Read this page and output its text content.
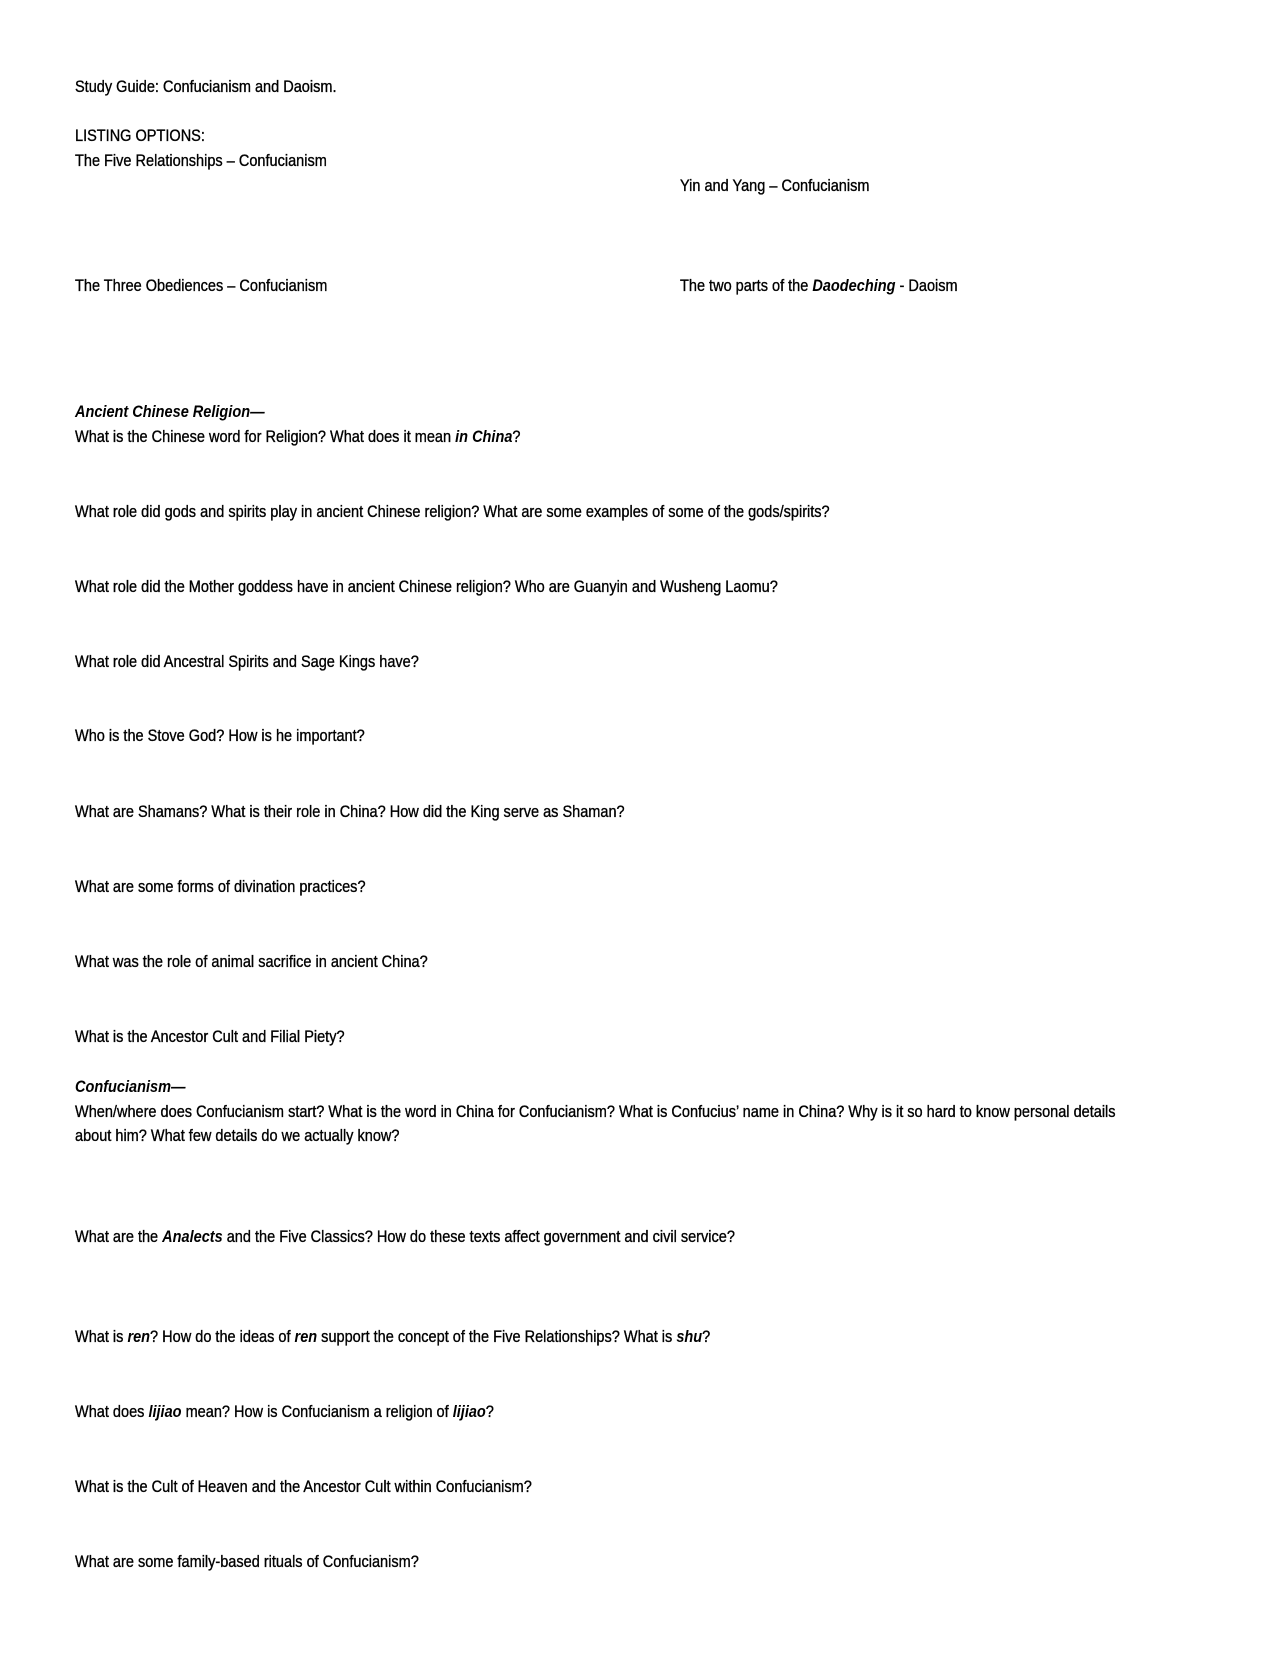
Study Guide: Confucianism and Daoism.
LISTING OPTIONS:
The Five Relationships – Confucianism
Yin and Yang – Confucianism
The Three Obediences – Confucianism	The two parts of the Daodeching - Daoism
Ancient Chinese Religion—
What is the Chinese word for Religion? What does it mean in China?
What role did gods and spirits play in ancient Chinese religion? What are some examples of some of the gods/spirits?
What role did the Mother goddess have in ancient Chinese religion? Who are Guanyin and Wusheng Laomu?
What role did Ancestral Spirits and Sage Kings have?
Who is the Stove God? How is he important?
What are Shamans? What is their role in China? How did the King serve as Shaman?
What are some forms of divination practices?
What was the role of animal sacrifice in ancient China?
What is the Ancestor Cult and Filial Piety?
Confucianism—
When/where does Confucianism start? What is the word in China for Confucianism? What is Confucius’ name in China? Why is it so hard to know personal details about him? What few details do we actually know?
What are the Analects and the Five Classics? How do these texts affect government and civil service?
What is ren? How do the ideas of ren support the concept of the Five Relationships? What is shu?
What does lijiao mean? How is Confucianism a religion of lijiao?
What is the Cult of Heaven and the Ancestor Cult within Confucianism?
What are some family-based rituals of Confucianism?
